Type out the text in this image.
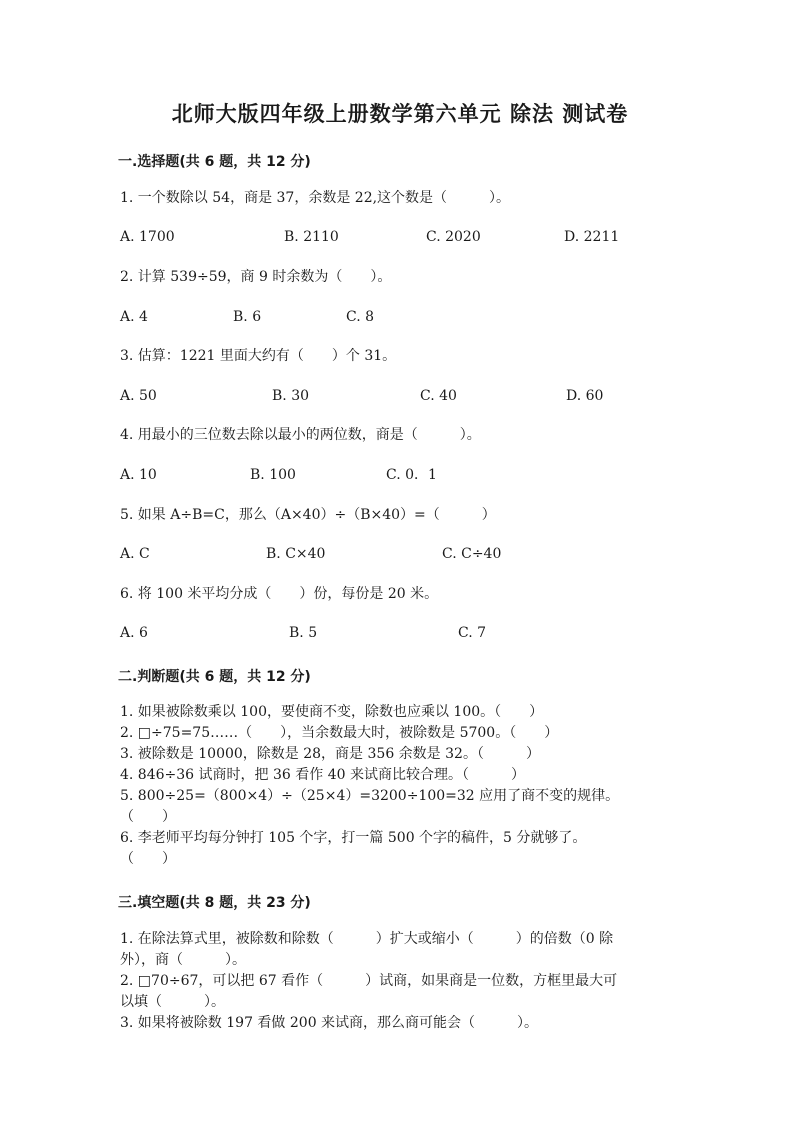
北师大版四年级上册数学第六单元 除法 测试卷
一.选择题(共 6 题，共 12 分)
1. 一个数除以 54，商是 37，余数是 22,这个数是（　　　）。
A. 1700	B. 2110	C. 2020	D. 2211
2. 计算 539÷59，商 9 时余数为（　　）。
A. 4	B. 6	C. 8
3. 估算：1221 里面大约有（　　）个 31。
A. 50	B. 30	C. 40	D. 60
4. 用最小的三位数去除以最小的两位数，商是（　　　）。
A. 10	B. 100	C. 0．1
5. 如果 A÷B=C，那么（A×40）÷（B×40）=（　　　）
A. C	B. C×40	C. C÷40
6. 将 100 米平均分成（　　）份，每份是 20 米。
A. 6	B. 5	C. 7
二.判断题(共 6 题，共 12 分)
1. 如果被除数乘以 100，要使商不变，除数也应乘以 100。（　　）
2. □÷75=75……（　　），当余数最大时，被除数是 5700。（　　）
3. 被除数是 10000，除数是 28，商是 356 余数是 32。（　　　）
4. 846÷36 试商时，把 36 看作 40 来试商比较合理。（　　　）
5. 800÷25=（800×4）÷（25×4）=3200÷100=32 应用了商不变的规律。
（　　）
6. 李老师平均每分钟打 105 个字，打一篇 500 个字的稿件，5 分就够了。
（　　）
三.填空题(共 8 题，共 23 分)
1. 在除法算式里，被除数和除数（　　　）扩大或缩小（　　　）的倍数（0 除
外），商（　　　）。
2. □70÷67，可以把 67 看作（　　　）试商，如果商是一位数，方框里最大可
以填（　　　）。
3. 如果将被除数 197 看做 200 来试商，那么商可能会（　　　）。
